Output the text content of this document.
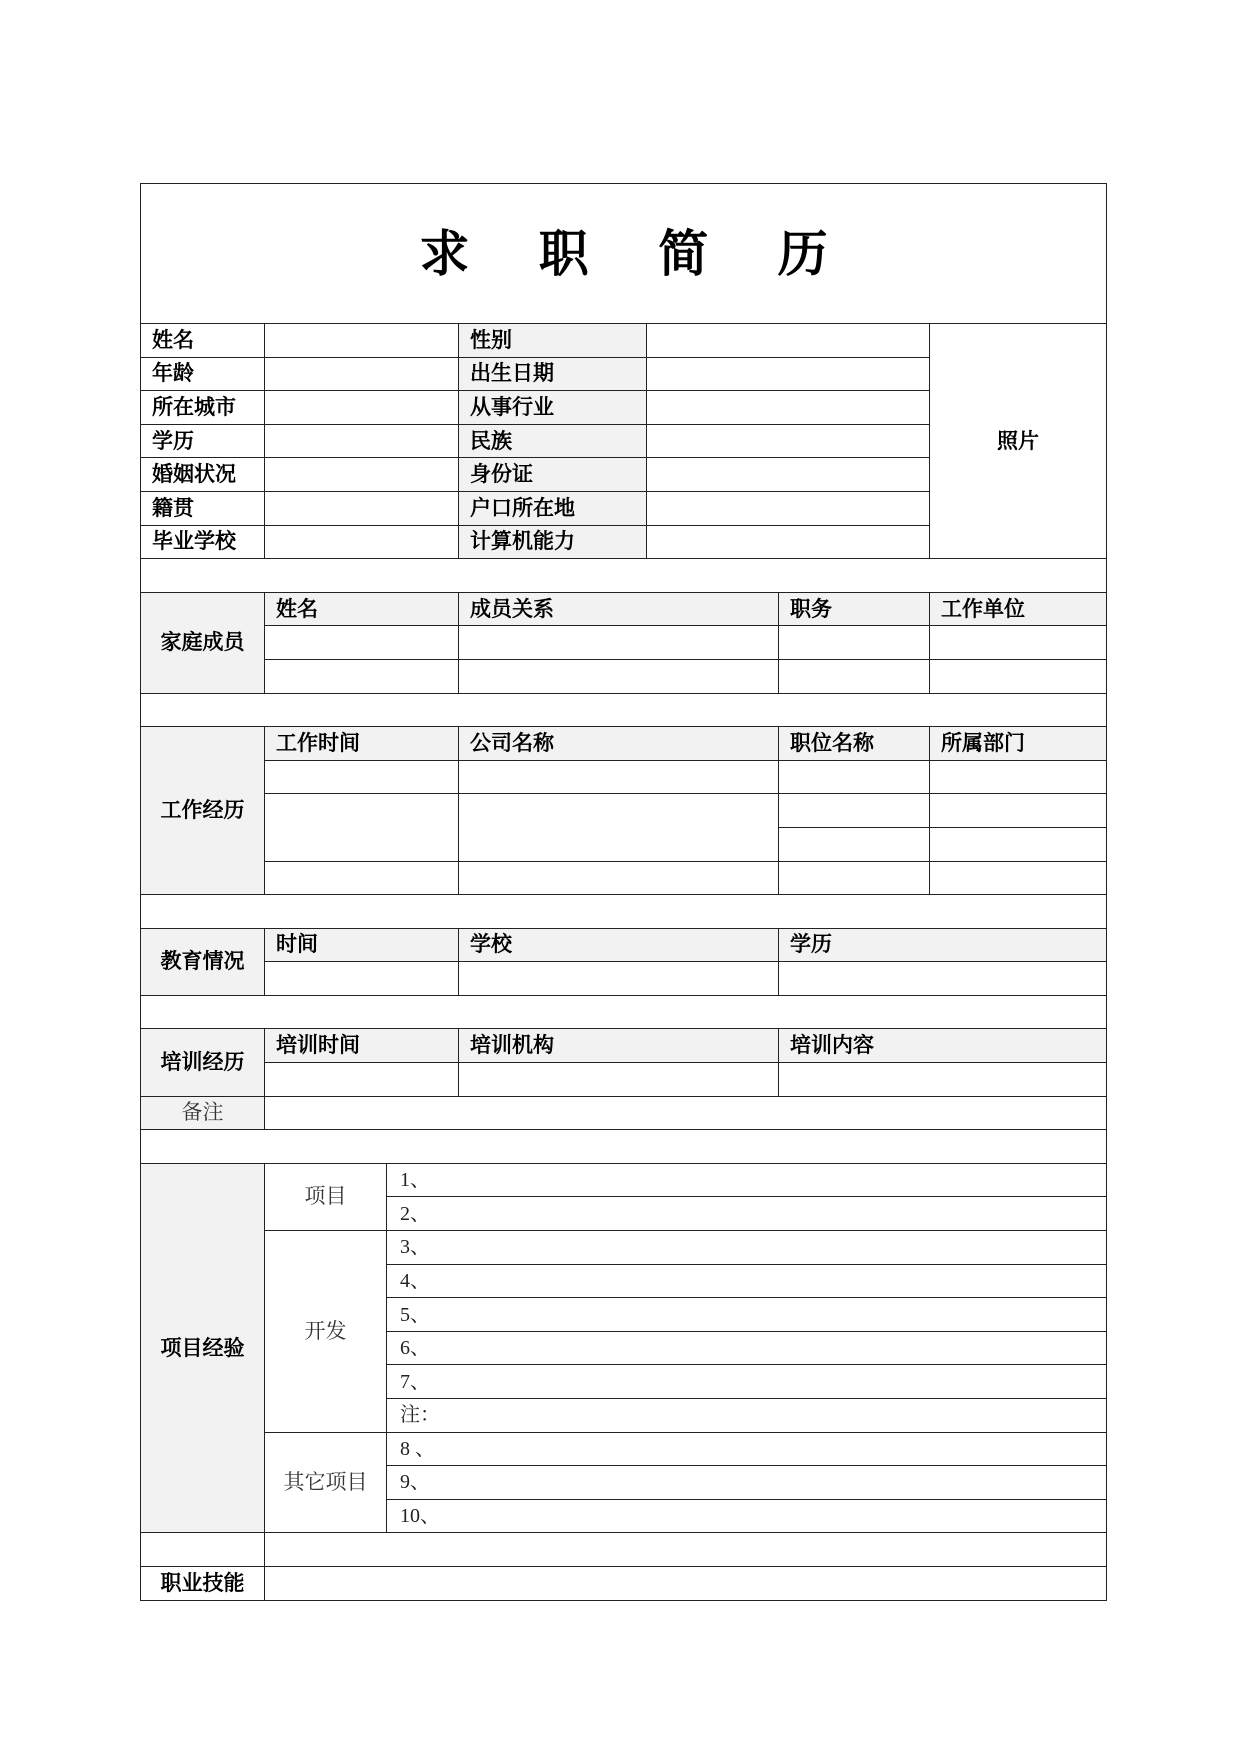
求 职 简 历						
姓名			性别			照片
年龄			出生日期			
所在城市			从事行业			
学历			民族			
婚姻状况			身份证			
籍贯			户口所在地			
毕业学校			计算机能力			

家庭成员	姓名		成员关系		职务	工作单位

工作经历	工作时间		公司名称		职位名称	所属部门

教育情况	时间		学校		学历	

培训经历	培训时间		培训机构		培训内容	

备注						

项目经验	项目	1、				
		2、				
	开发	3、				
		4、				
		5、				
		6、				
		7、				
		注：				
	其它项目	8 、				
		9、				
		10、				

职业技能						
